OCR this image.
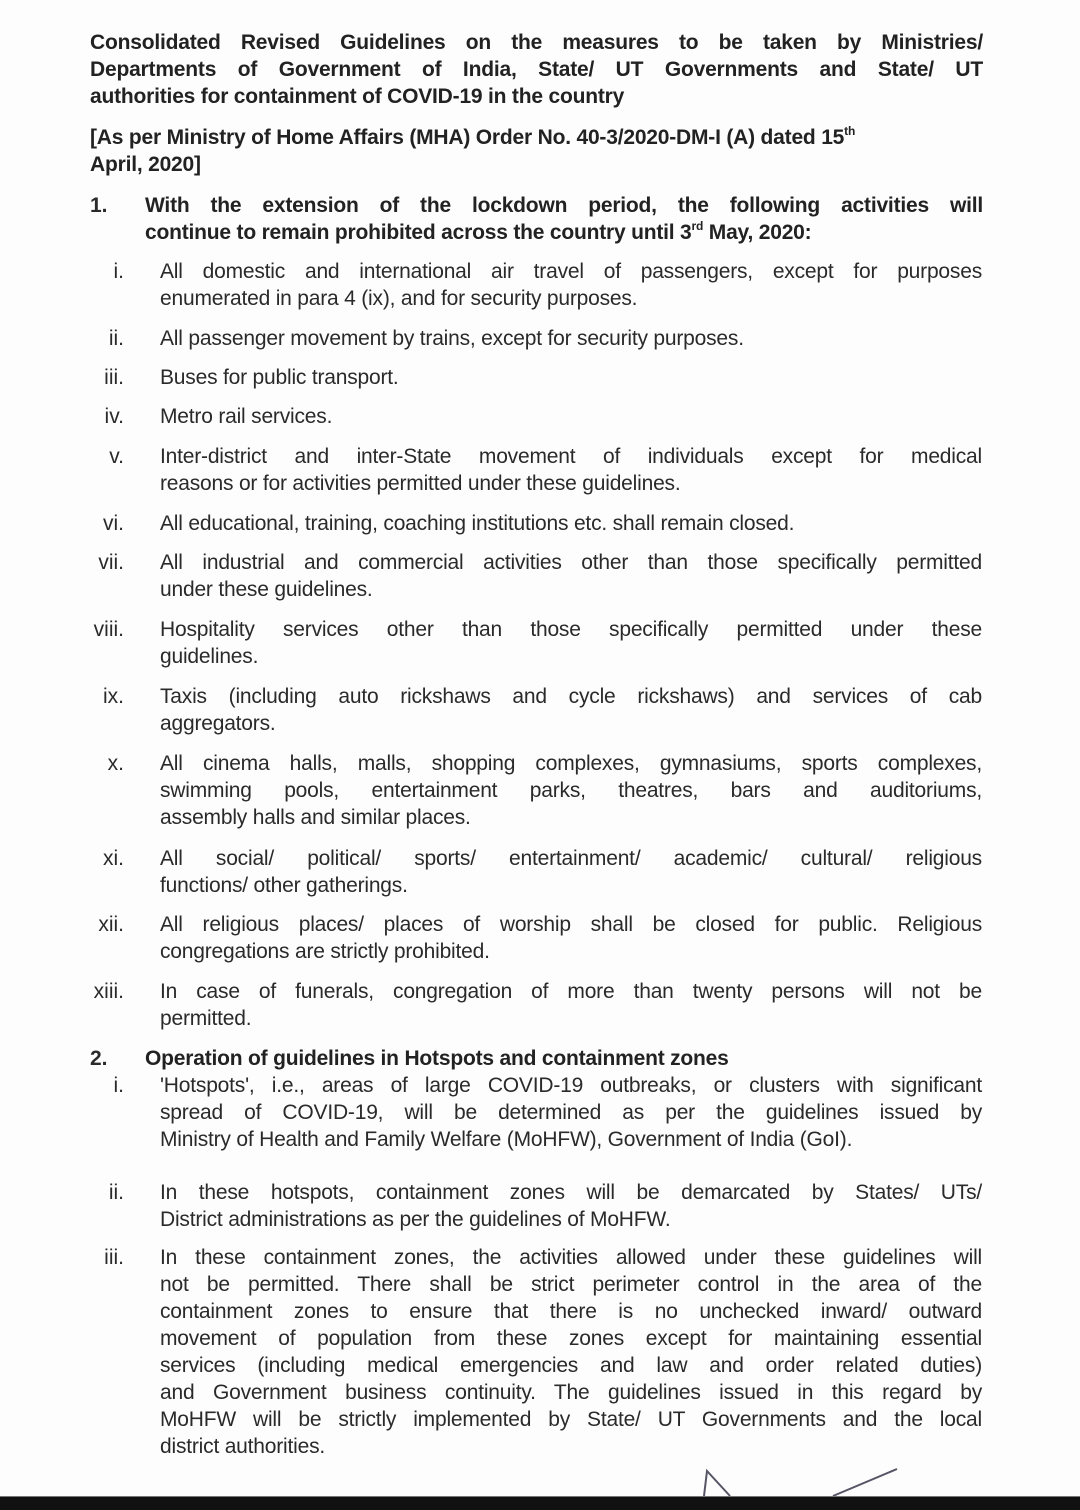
Consolidated Revised Guidelines on the measures to be taken by Ministries/
Departments of Government of India, State/ UT Governments and State/ UT
authorities for containment of COVID-19 in the country
[As per Ministry of Home Affairs (MHA) Order No. 40-3/2020-DM-I (A) dated 15th
April, 2020]
1. With the extension of the lockdown period, the following activities will
continue to remain prohibited across the country until 3rd May, 2020:
i. All domestic and international air travel of passengers, except for purposes
enumerated in para 4 (ix), and for security purposes.
ii. All passenger movement by trains, except for security purposes.
iii. Buses for public transport.
iv. Metro rail services.
v. Inter-district and inter-State movement of individuals except for medical
reasons or for activities permitted under these guidelines.
vi. All educational, training, coaching institutions etc. shall remain closed.
vii. All industrial and commercial activities other than those specifically permitted
under these guidelines.
viii. Hospitality services other than those specifically permitted under these
guidelines.
ix. Taxis (including auto rickshaws and cycle rickshaws) and services of cab
aggregators.
x. All cinema halls, malls, shopping complexes, gymnasiums, sports complexes,
swimming pools, entertainment parks, theatres, bars and auditoriums,
assembly halls and similar places.
xi. All social/ political/ sports/ entertainment/ academic/ cultural/ religious
functions/ other gatherings.
xii. All religious places/ places of worship shall be closed for public. Religious
congregations are strictly prohibited.
xiii. In case of funerals, congregation of more than twenty persons will not be
permitted.
2. Operation of guidelines in Hotspots and containment zones
i. 'Hotspots', i.e., areas of large COVID-19 outbreaks, or clusters with significant
spread of COVID-19, will be determined as per the guidelines issued by
Ministry of Health and Family Welfare (MoHFW), Government of India (GoI).
ii. In these hotspots, containment zones will be demarcated by States/ UTs/
District administrations as per the guidelines of MoHFW.
iii. In these containment zones, the activities allowed under these guidelines will
not be permitted. There shall be strict perimeter control in the area of the
containment zones to ensure that there is no unchecked inward/ outward
movement of population from these zones except for maintaining essential
services (including medical emergencies and law and order related duties)
and Government business continuity. The guidelines issued in this regard by
MoHFW will be strictly implemented by State/ UT Governments and the local
district authorities.
